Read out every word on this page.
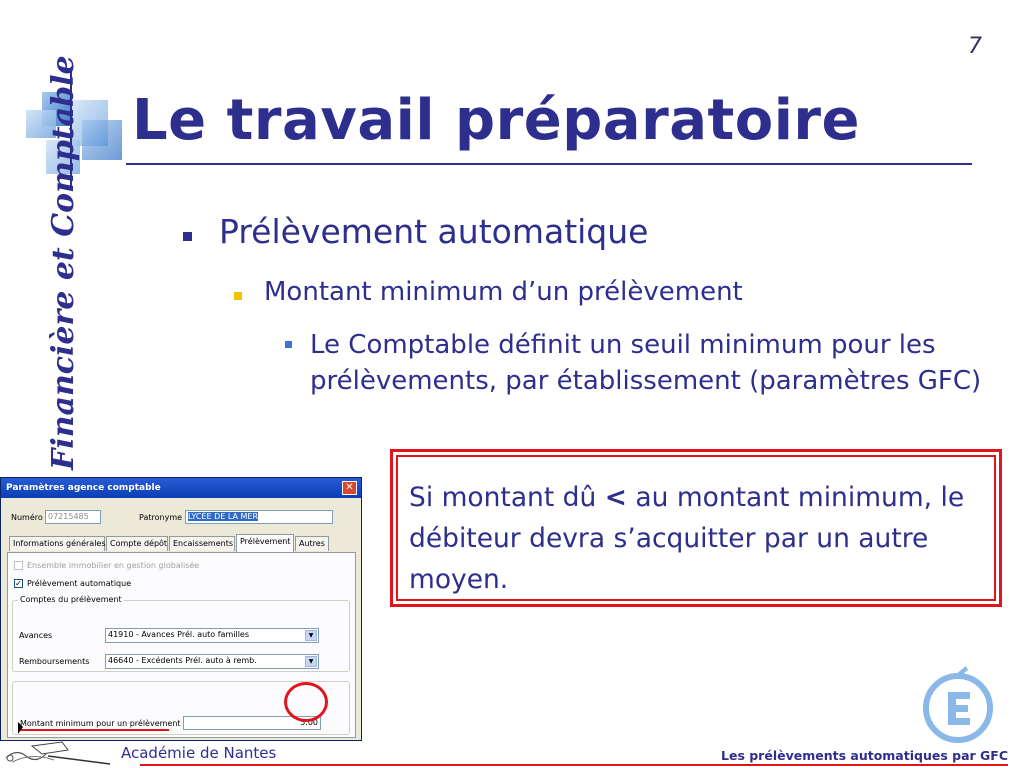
7
Le travail préparatoire
Financière et Comptable	Prélèvement automatique
Montant minimum d’un prélèvement
Le Comptable définit un seuil minimum pour les prélèvements, par établissement (paramètres GFC)
Si montant dû < au montant minimum, le débiteur devra s’acquitter par un autre moyen.
Paramètres agence comptable	✕
Numéro 07215485	Patronyme LYCÉE DE LA MER
Informations générales Compte dépôt Encaissements Prélèvement	Autres
Ensemble immobilier en gestion globalisée
✓ Prélèvement automatique
Comptes du prélèvement
Avances	41910 - Avances Prél. auto familles	▼
Remboursements	46640 - Excédents Prél. auto à remb.	▼
Montant minimum pour un prélèvement	5.00
Académie de Nantes	Les prélèvements automatiques par GFC
